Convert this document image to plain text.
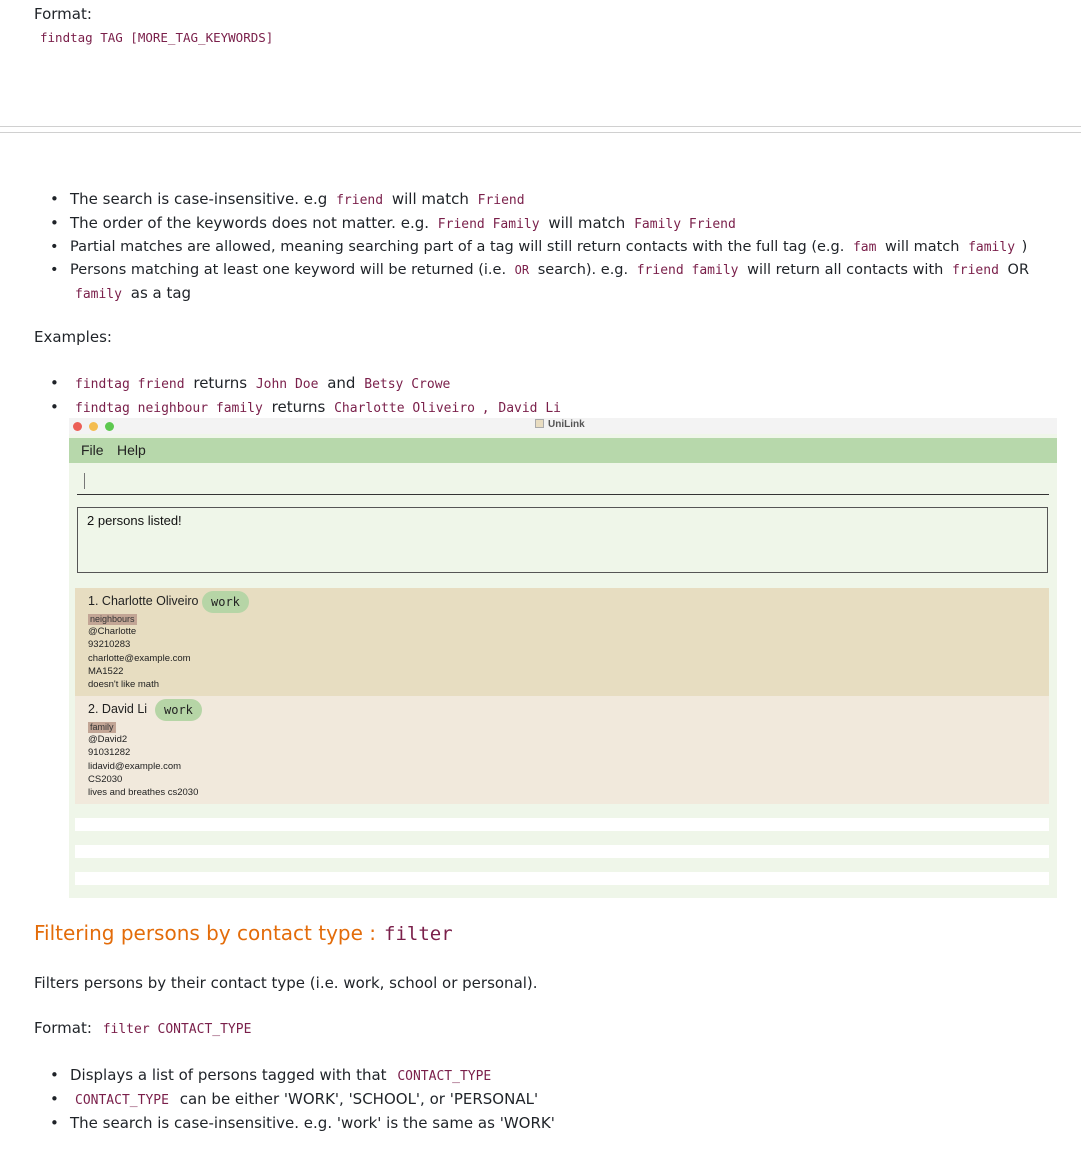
Format:
findtag TAG [MORE_TAG_KEYWORDS]
• The search is case-insensitive. e.g friend will match Friend
• The order of the keywords does not matter. e.g. Friend Family will match Family Friend
• Partial matches are allowed, meaning searching part of a tag will still return contacts with the full tag (e.g. fam will match family )
• Persons matching at least one keyword will be returned (i.e. OR search). e.g. friend family will return all contacts with friend OR
family as a tag
Examples:
• findtag friend returns John Doe and Betsy Crowe
• findtag neighbour family returns Charlotte Oliveiro , David Li
UniLink
File Help
2 persons listed!
1. Charlotte Oliveiro	work
neighbours
@Charlotte
93210283
charlotte@example.com
MA1522
doesn't like math
2. David Li	work
family
@David2
91031282
lidavid@example.com
CS2030
lives and breathes cs2030
Filtering persons by contact type : filter
Filters persons by their contact type (i.e. work, school or personal).
Format: filter CONTACT_TYPE
• Displays a list of persons tagged with that CONTACT_TYPE
• CONTACT_TYPE can be either 'WORK', 'SCHOOL', or 'PERSONAL'
• The search is case-insensitive. e.g. 'work' is the same as 'WORK'
